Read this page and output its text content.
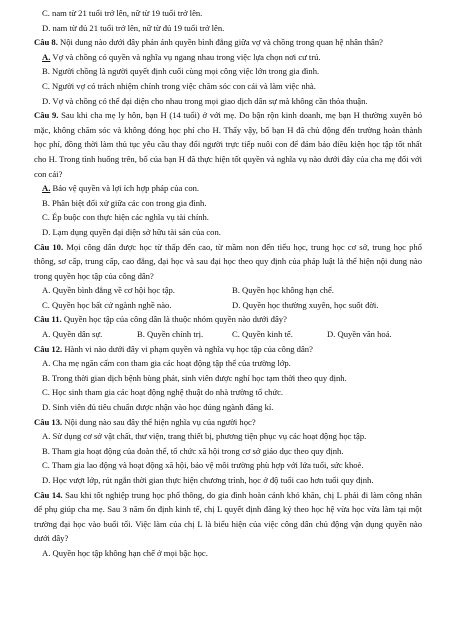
C. nam từ 21 tuổi trở lên, nữ từ 19 tuổi trở lên.
D. nam từ đủ 21 tuổi trở lên, nữ từ đủ 19 tuổi trở lên.
Câu 8. Nội dung nào dưới đây phản ánh quyền bình đẳng giữa vợ và chồng trong quan hệ nhân thân?
A. Vợ và chồng có quyền và nghĩa vụ ngang nhau trong việc lựa chọn nơi cư trú.
B. Người chồng là người quyết định cuối cùng mọi công việc lớn trong gia đình.
C. Người vợ có trách nhiệm chính trong việc chăm sóc con cái và làm việc nhà.
D. Vợ và chồng có thể đại diện cho nhau trong mọi giao dịch dân sự mà không cần thỏa thuận.
Câu 9. Sau khi cha mẹ ly hôn, bạn H (14 tuổi) ở với mẹ. Do bận rộn kinh doanh, mẹ bạn H thường xuyên bỏ mặc, không chăm sóc và không đóng học phí cho H. Thấy vậy, bố bạn H đã chủ động đến trường hoàn thành học phí, đồng thời làm thủ tục yêu cầu thay đổi người trực tiếp nuôi con để đảm bảo điều kiện học tập tốt nhất cho H. Trong tình huống trên, bố của bạn H đã thực hiện tốt quyền và nghĩa vụ nào dưới đây của cha mẹ đối với con cái?
A. Bảo vệ quyền và lợi ích hợp pháp của con.
B. Phân biệt đối xử giữa các con trong gia đình.
C. Ép buộc con thực hiện các nghĩa vụ tài chính.
D. Lạm dụng quyền đại diện sở hữu tài sản của con.
Câu 10. Mọi công dân được học từ thấp đến cao, từ mầm non đến tiểu học, trung học cơ sở, trung học phổ thông, sơ cấp, trung cấp, cao đẳng, đại học và sau đại học theo quy định của pháp luật là thể hiện nội dung nào trong quyền học tập của công dân?
A. Quyền bình đẳng về cơ hội học tập.	B. Quyền học không hạn chế.
C. Quyền học bất cứ ngành nghề nào.	D. Quyền học thường xuyên, học suốt đời.
Câu 11. Quyền học tập của công dân là thuộc nhóm quyền nào dưới đây?
A. Quyền dân sự.	B. Quyền chính trị.	C. Quyền kinh tế.	D. Quyền văn hoá.
Câu 12. Hành vi nào dưới đây vi phạm quyền và nghĩa vụ học tập của công dân?
A. Cha mẹ ngăn cấm con tham gia các hoạt động tập thể của trường lớp.
B. Trong thời gian dịch bệnh bùng phát, sinh viên được nghỉ học tạm thời theo quy định.
C. Học sinh tham gia các hoạt động nghệ thuật do nhà trường tổ chức.
D. Sinh viên đủ tiêu chuẩn được nhận vào học đúng ngành đăng kí.
Câu 13. Nội dung nào sau đây thể hiện nghĩa vụ của người học?
A. Sử dụng cơ sở vật chất, thư viện, trang thiết bị, phương tiện phục vụ các hoạt động học tập.
B. Tham gia hoạt động của đoàn thể, tổ chức xã hội trong cơ sở giáo dục theo quy định.
C. Tham gia lao động và hoạt động xã hội, bảo vệ môi trường phù hợp với lứa tuổi, sức khoẻ.
D. Học vượt lớp, rút ngắn thời gian thực hiện chương trình, học ở độ tuổi cao hơn tuổi quy định.
Câu 14. Sau khi tốt nghiệp trung học phổ thông, do gia đình hoàn cảnh khó khăn, chị L phải đi làm công nhân để phụ giúp cha mẹ. Sau 3 năm ổn định kinh tế, chị L quyết định đăng ký theo học hệ vừa học vừa làm tại một trường đại học vào buổi tối. Việc làm của chị L là biểu hiện của việc công dân chủ động vận dụng quyền nào dưới đây?
A. Quyền học tập không hạn chế ở mọi bậc học.
